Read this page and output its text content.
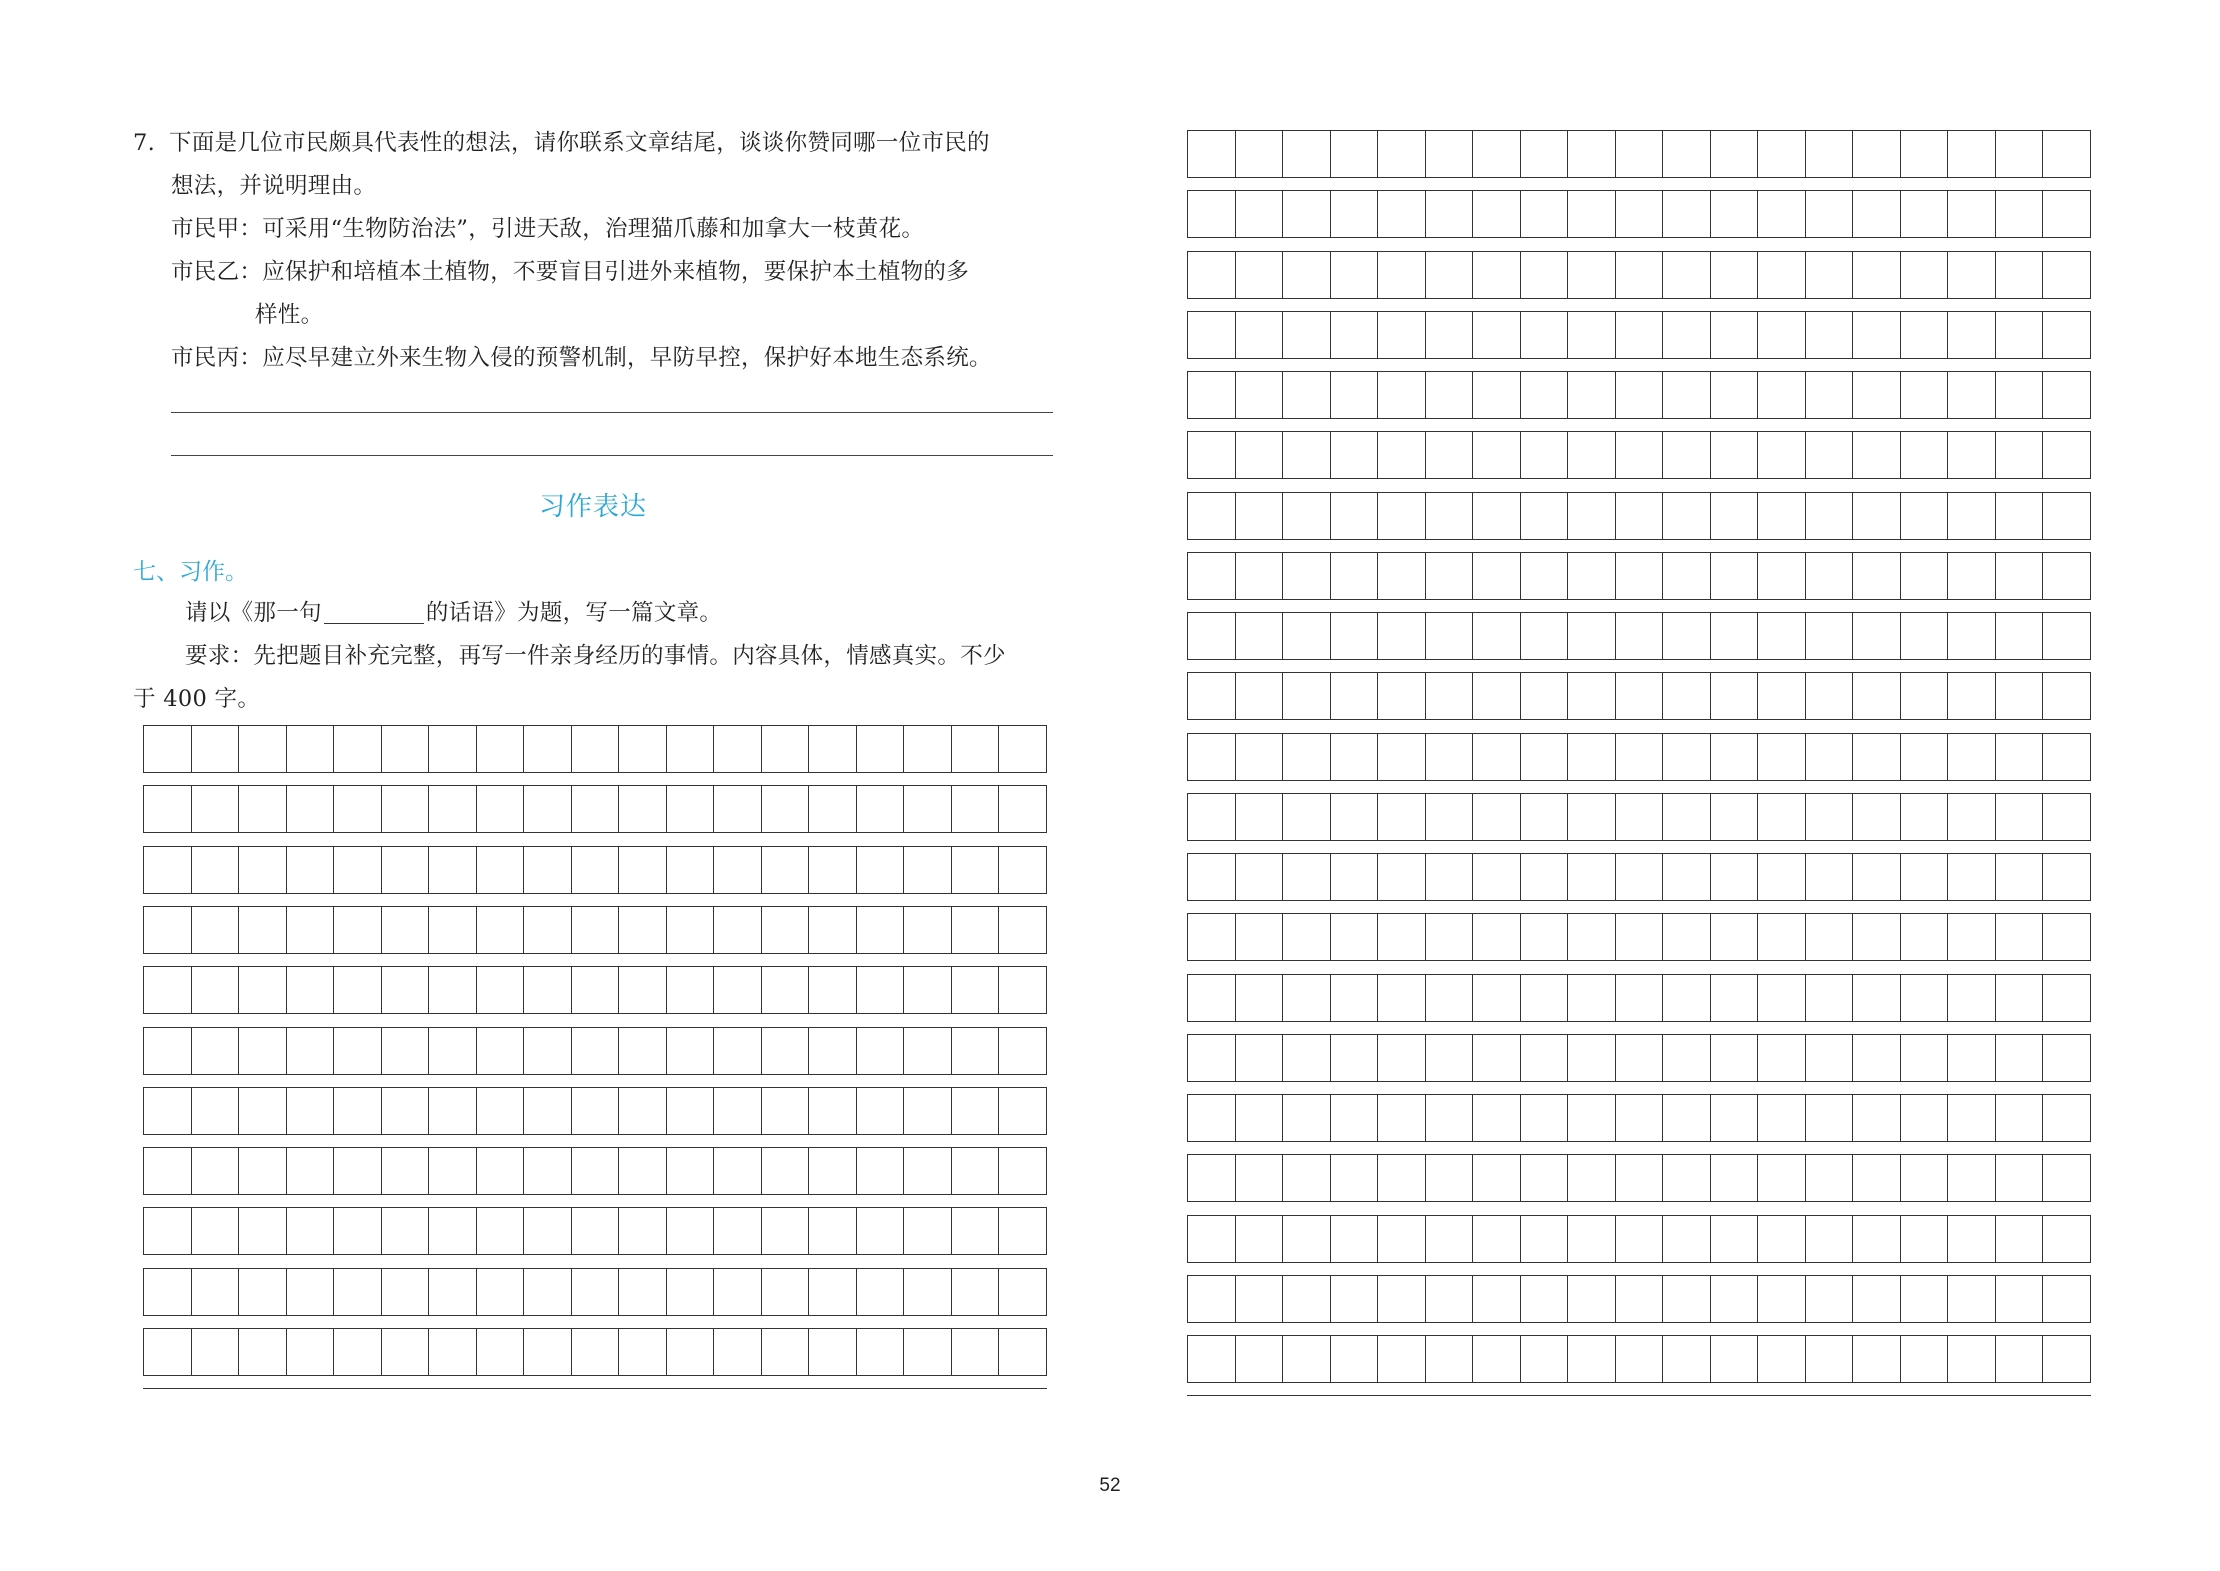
7. 下面是几位市民颇具代表性的想法，请你联系文章结尾，谈谈你赞同哪一位市民的
想法，并说明理由。
市民甲：可采用“生物防治法”，引进天敌，治理猫爪藤和加拿大一枝黄花。
市民乙：应保护和培植本土植物，不要盲目引进外来植物，要保护本土植物的多
样性。
市民丙：应尽早建立外来生物入侵的预警机制，早防早控，保护好本地生态系统。
习作表达
七、习作。
请以《那一句	的话语》为题，写一篇文章。
要求：先把题目补充完整，再写一件亲身经历的事情。内容具体，情感真实。不少
于 400 字。
52
